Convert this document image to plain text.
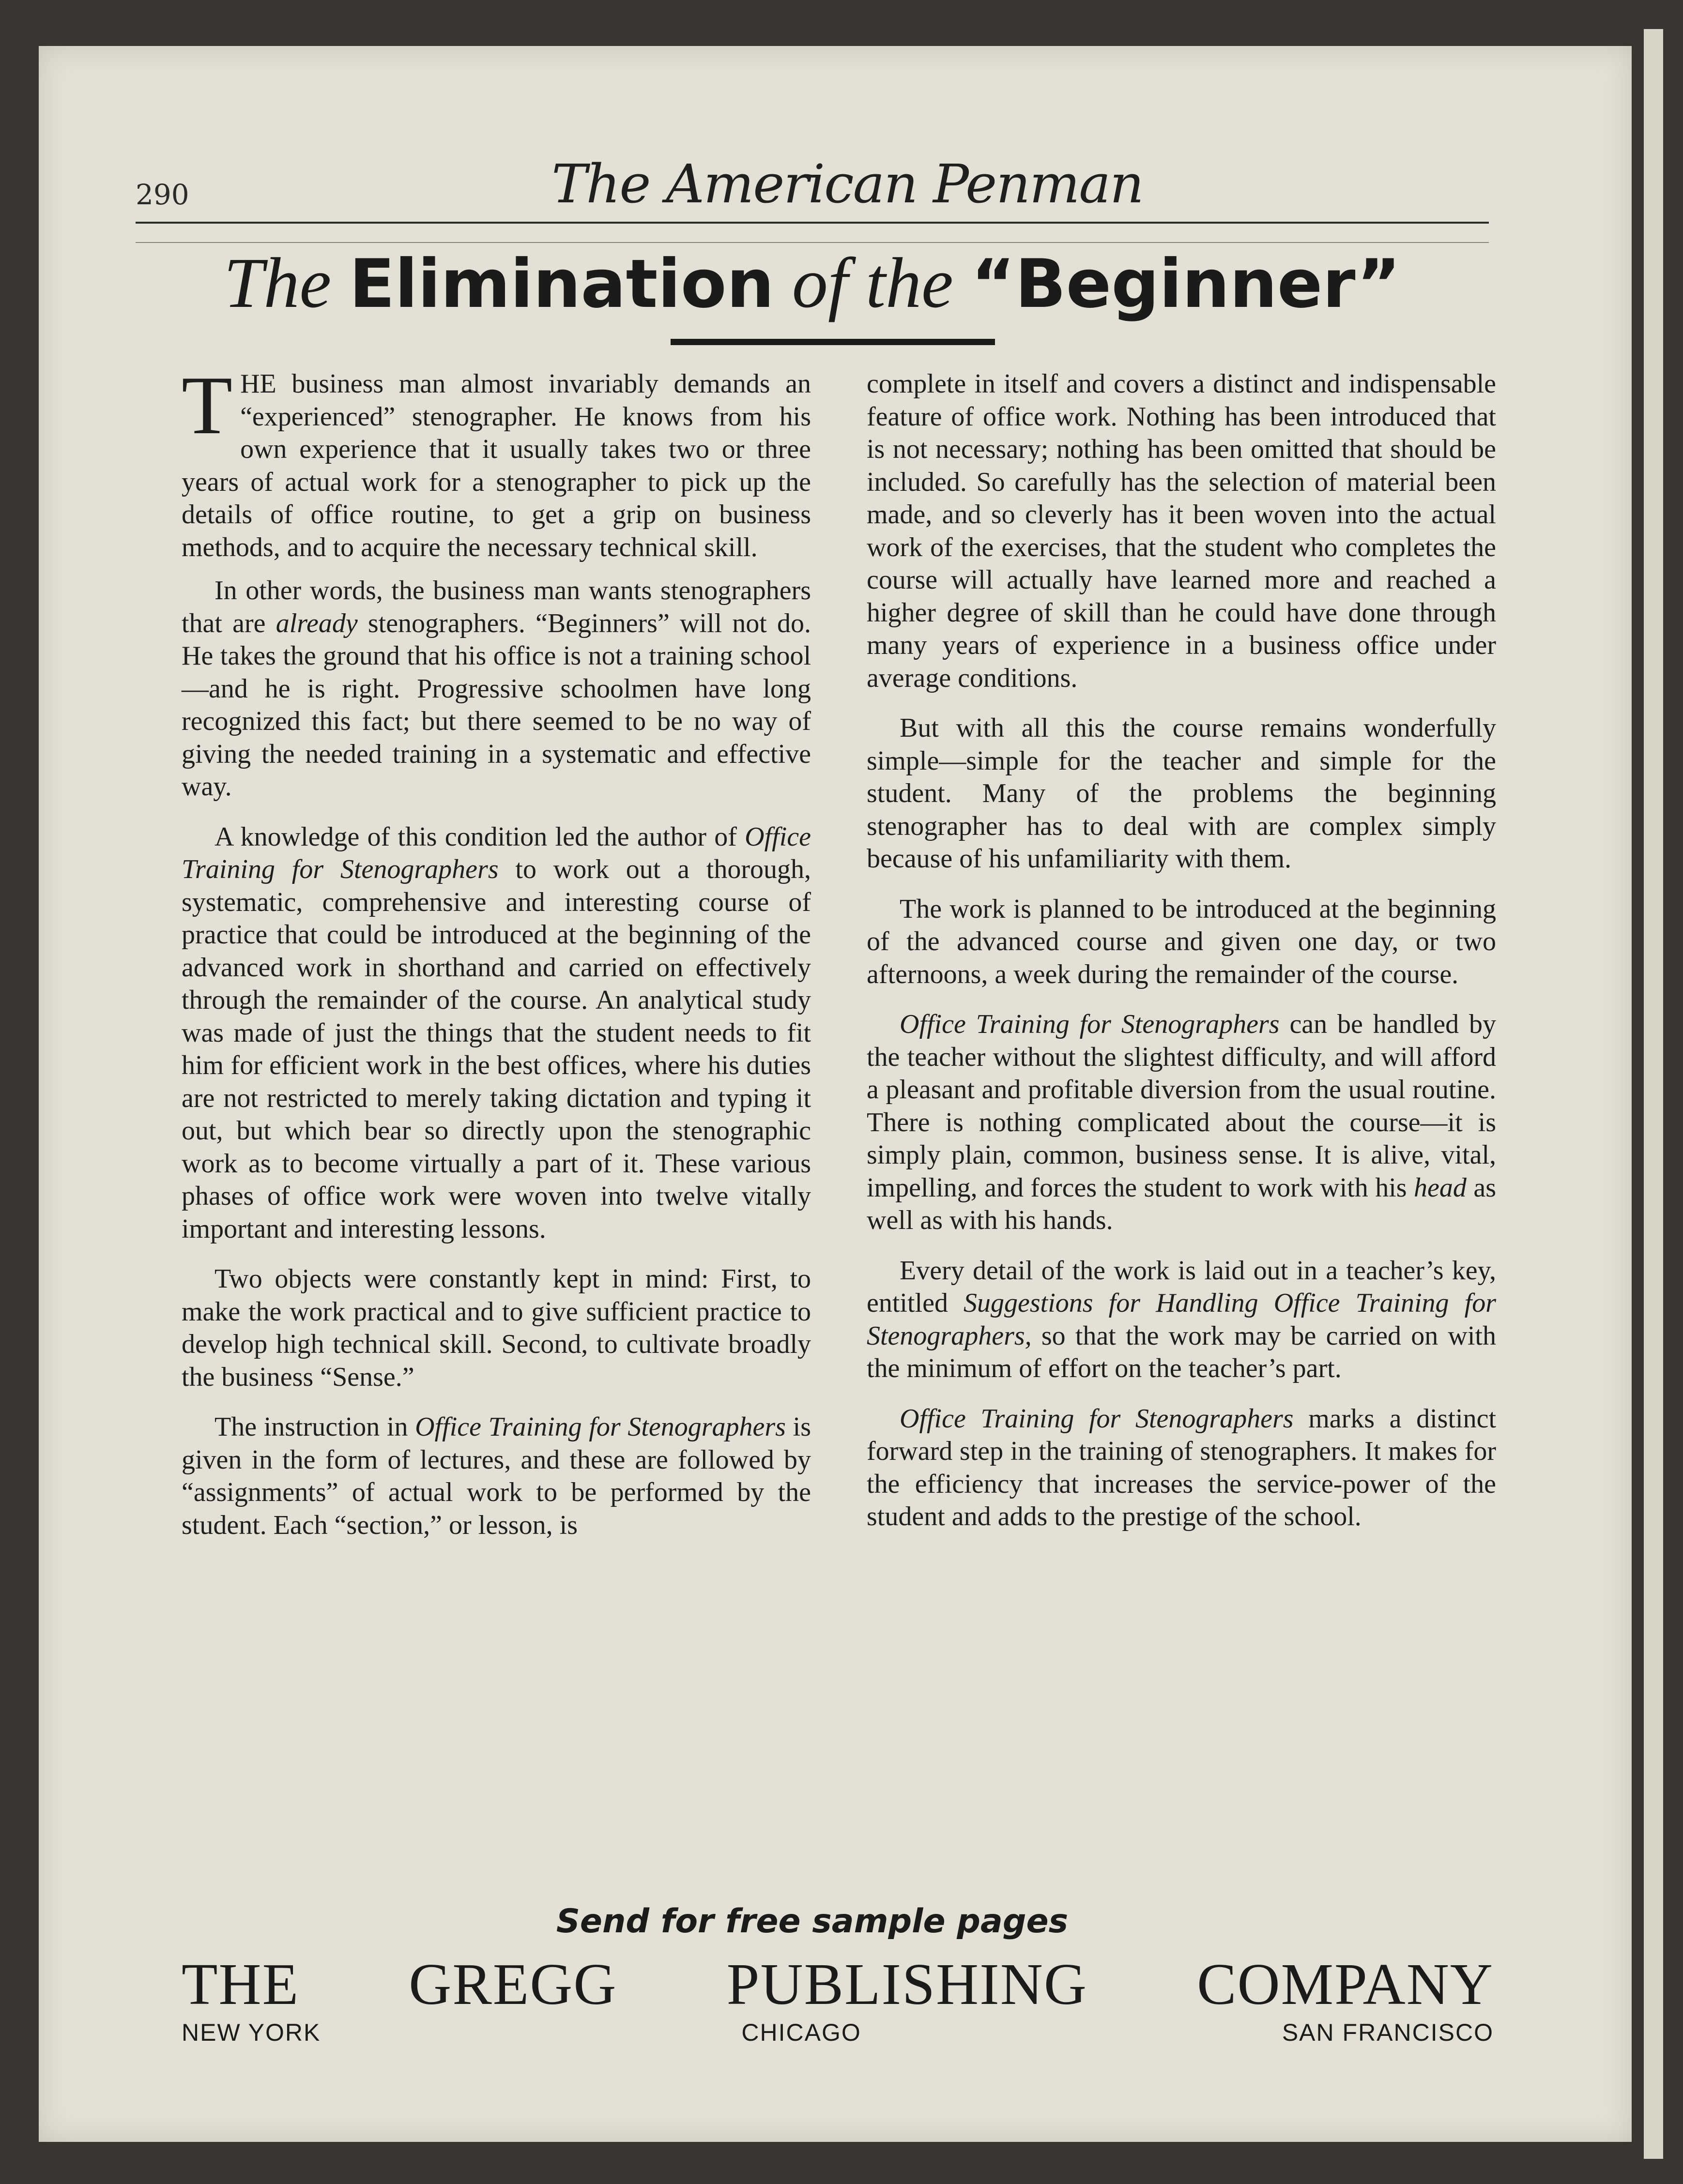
290	The American Penman
The Elimination of the “Beginner”

THE business man almost invariably demands an “experienced” stenographer. He knows from his own experience that it usually takes two or three years of actual work for a stenographer to pick up the details of office routine, to get a grip on business methods, and to acquire the necessary technical skill.

In other words, the business man wants stenographers that are already stenographers. “Beginners” will not do. He takes the ground that his office is not a training school—and he is right. Progressive schoolmen have long recognized this fact; but there seemed to be no way of giving the needed training in a systematic and effective way.

A knowledge of this condition led the author of Office Training for Stenographers to work out a thorough, systematic, comprehensive and interesting course of practice that could be introduced at the beginning of the advanced work in shorthand and carried on effectively through the remainder of the course. An analytical study was made of just the things that the student needs to fit him for efficient work in the best offices, where his duties are not restricted to merely taking dictation and typing it out, but which bear so directly upon the stenographic work as to become virtually a part of it. These various phases of office work were woven into twelve vitally important and interesting lessons.

Two objects were constantly kept in mind: First, to make the work practical and to give sufficient practice to develop high technical skill. Second, to cultivate broadly the business “Sense.”

The instruction in Office Training for Stenographers is given in the form of lectures, and these are followed by “assignments” of actual work to be performed by the student. Each “section,” or lesson, is

complete in itself and covers a distinct and indispensable feature of office work. Nothing has been introduced that is not necessary; nothing has been omitted that should be included. So carefully has the selection of material been made, and so cleverly has it been woven into the actual work of the exercises, that the student who completes the course will actually have learned more and reached a higher degree of skill than he could have done through many years of experience in a business office under average conditions.

But with all this the course remains wonderfully simple—simple for the teacher and simple for the student. Many of the problems the beginning stenographer has to deal with are complex simply because of his unfamiliarity with them.

The work is planned to be introduced at the beginning of the advanced course and given one day, or two afternoons, a week during the remainder of the course.

Office Training for Stenographers can be handled by the teacher without the slightest difficulty, and will afford a pleasant and profitable diversion from the usual routine. There is nothing complicated about the course—it is simply plain, common, business sense. It is alive, vital, impelling, and forces the student to work with his head as well as with his hands.

Every detail of the work is laid out in a teacher’s key, entitled Suggestions for Handling Office Training for Stenographers, so that the work may be carried on with the minimum of effort on the teacher’s part.

Office Training for Stenographers marks a distinct forward step in the training of stenographers. It makes for the efficiency that increases the service-power of the student and adds to the prestige of the school.

Send for free sample pages
THE GREGG PUBLISHING COMPANY
NEW YORK	CHICAGO	SAN FRANCISCO
